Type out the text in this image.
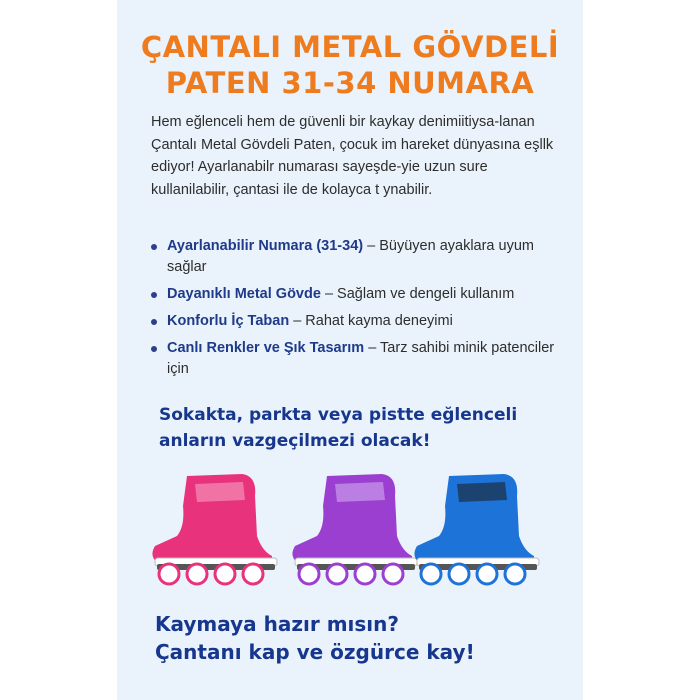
ÇANTALI METAL GÖVDELİ
PATEN 31-34 NUMARA

Hem eğlenceli hem de güvenli bir kaykay denimiitiysa-lanan Çantalı Metal Gövdeli Paten, çocuk im hareket dünyasına eşllk ediyor! Ayarlanabilr numarası sayeşde-yie uzun sure kullanilabilir, çantasi ile de kolayca t ynabilir.

Ayarlanabilir Numara (31-34) – Büyüyen ayaklara uyum sağlar
Dayanıklı Metal Gövde – Sağlam ve dengeli kullanım
Konforlu İç Taban – Rahat kayma deneyimi
Canlı Renkler ve Şık Tasarım – Tarz sahibi minik patenciler için

Sokakta, parkta veya pistte eğlenceli anların vazgeçilmezi olacak!

Kaymaya hazır mısın?
Çantanı kap ve özgürce kay!
